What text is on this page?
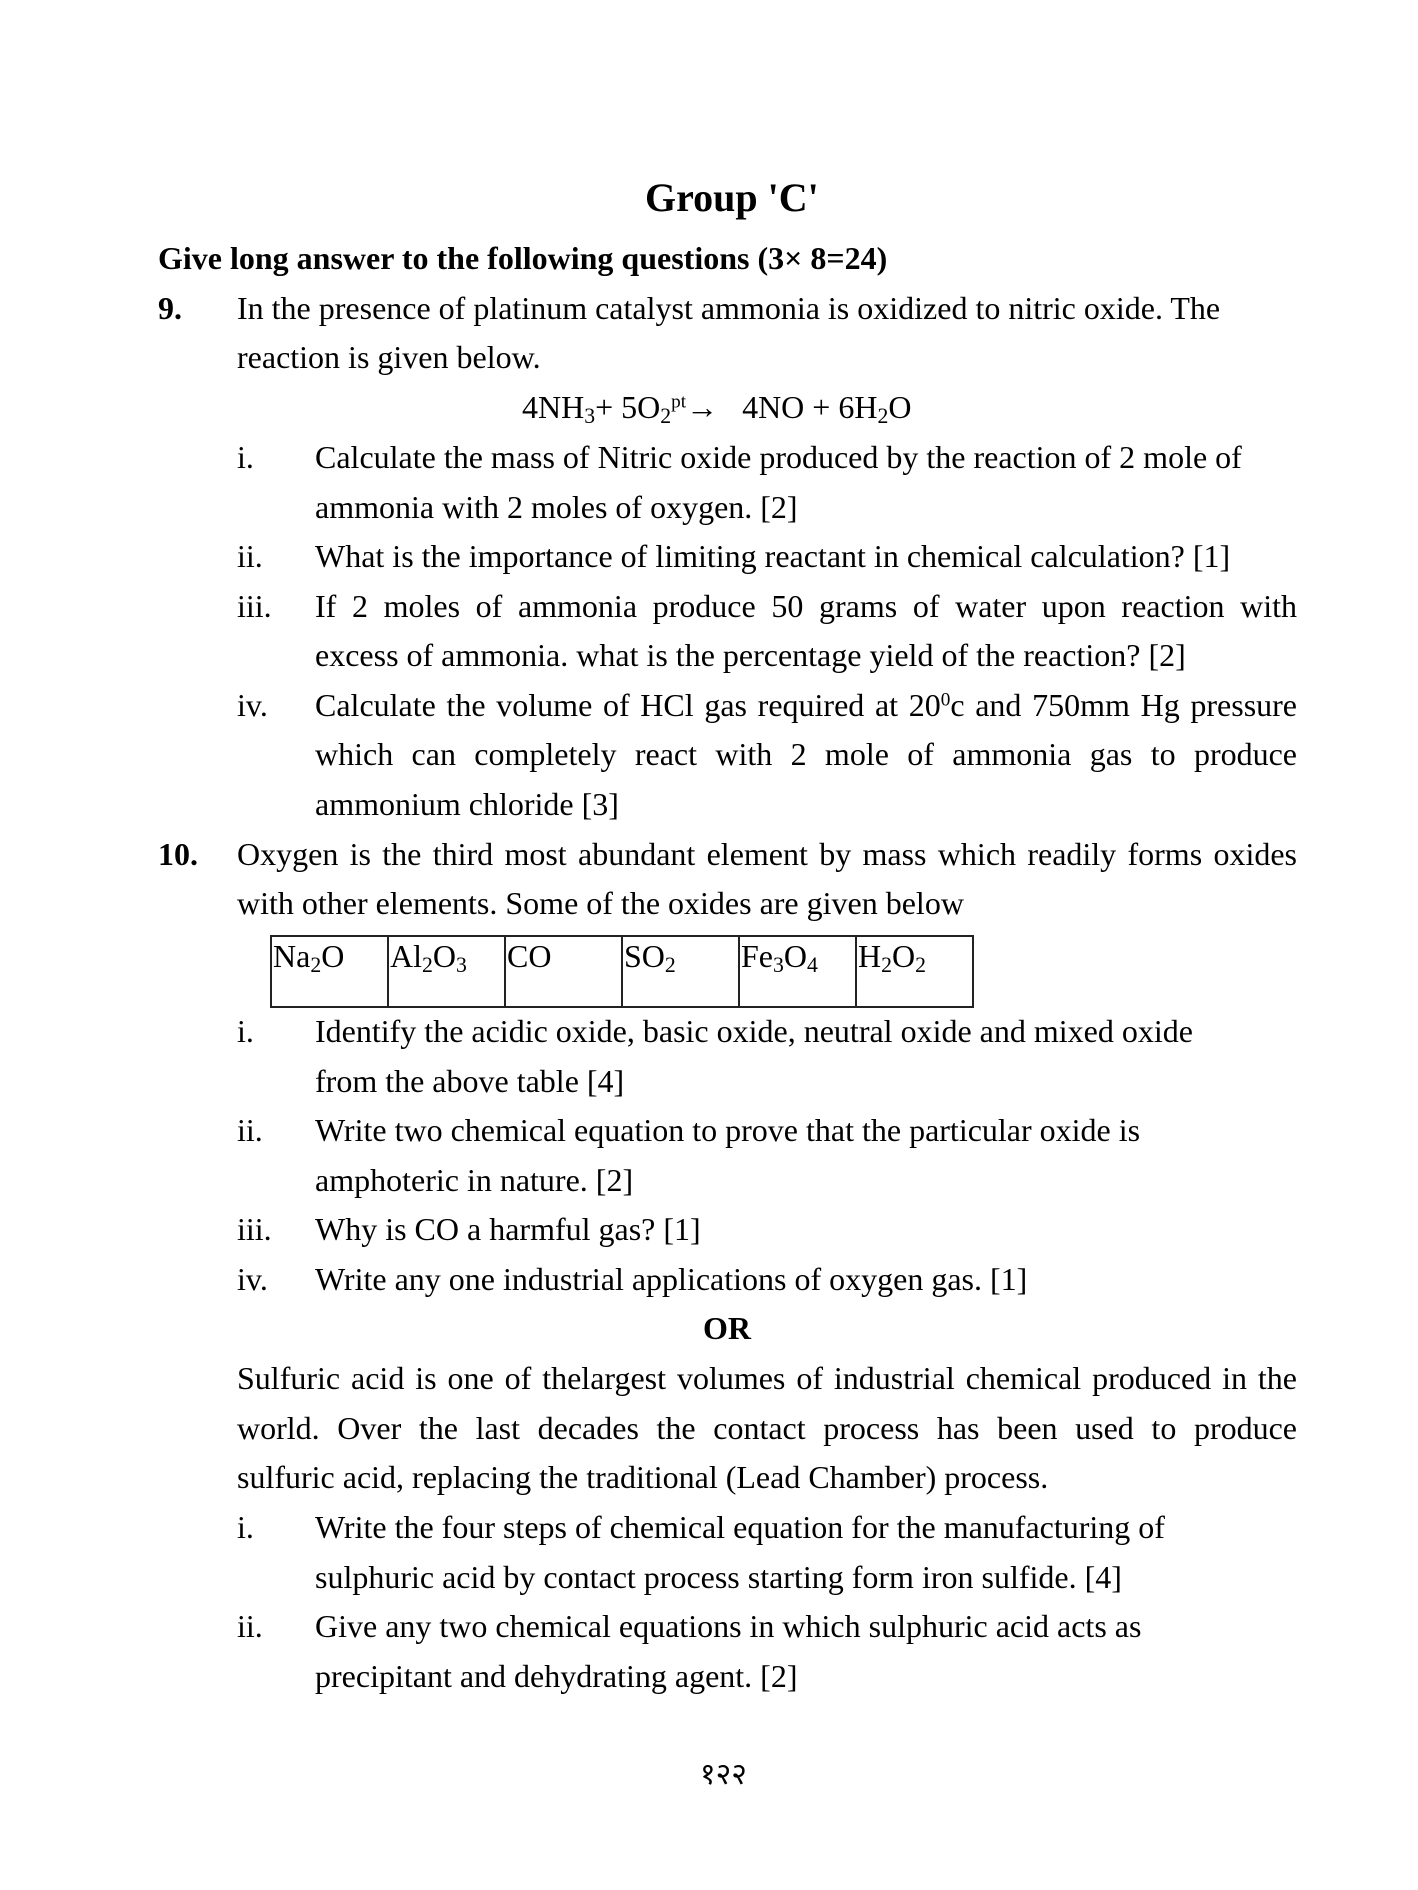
Group 'C'
Give long answer to the following questions (3× 8=24)
9. In the presence of platinum catalyst ammonia is oxidized to nitric oxide. The
reaction is given below.
$4NH_3+ 5O_2^{pt}\to 4NO + 6H_2O$
i. Calculate the mass of Nitric oxide produced by the reaction of 2 mole of
ammonia with 2 moles of oxygen. [2]
ii. What is the importance of limiting reactant in chemical calculation? [1]
iii. If 2 moles of ammonia produce 50 grams of water upon reaction with
excess of ammonia. what is the percentage yield of the reaction? [2]
iv. Calculate the volume of HCl gas required at $20^0c$ and 750mm Hg pressure
which can completely react with 2 mole of ammonia gas to produce
ammonium chloride [3]
10. Oxygen is the third most abundant element by mass which readily forms oxides
with other elements. Some of the oxides are given below
$Na_2O$	$Al_2O_3$	CO	$SO_2$	$Fe_3O_4$	$H_2O_2$
i. Identify the acidic oxide, basic oxide, neutral oxide and mixed oxide
from the above table [4]
ii. Write two chemical equation to prove that the particular oxide is
amphoteric in nature. [2]
iii. Why is CO a harmful gas? [1]
iv. Write any one industrial applications of oxygen gas. [1]
OR
Sulfuric acid is one of thelargest volumes of industrial chemical produced in the
world. Over the last decades the contact process has been used to produce
sulfuric acid, replacing the traditional (Lead Chamber) process.
i. Write the four steps of chemical equation for the manufacturing of
sulphuric acid by contact process starting form iron sulfide. [4]
ii. Give any two chemical equations in which sulphuric acid acts as
precipitant and dehydrating agent. [2]
१२२
